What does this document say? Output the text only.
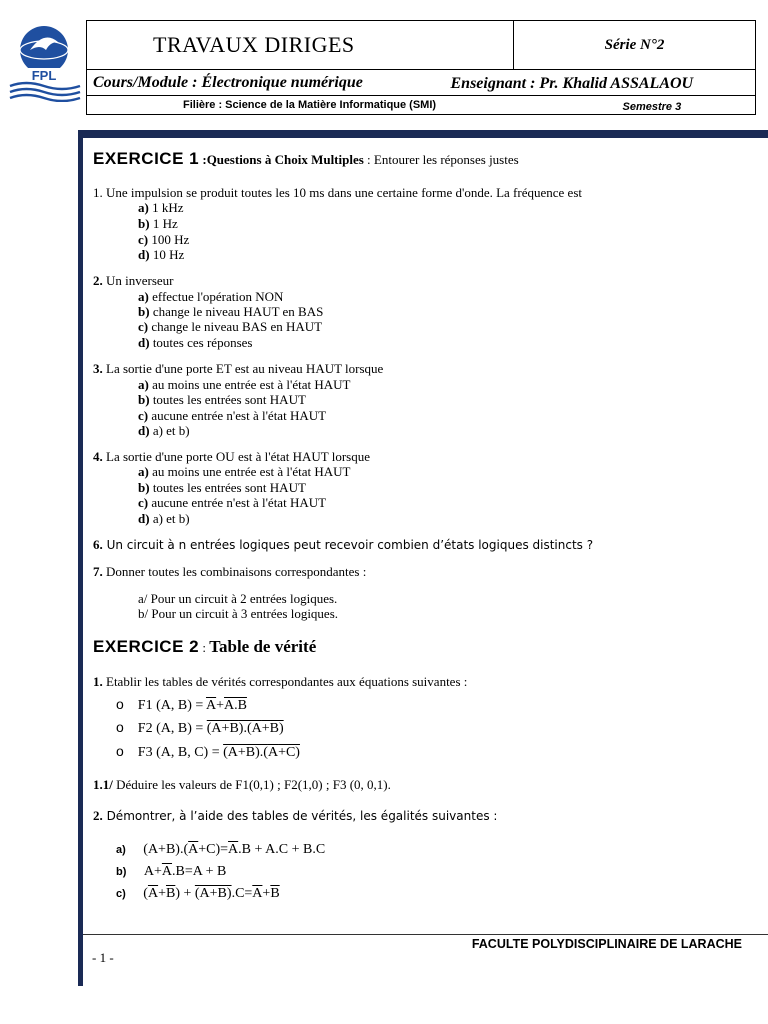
FPL
TRAVAUX DIRIGES	Série N°2
Cours/Module : Électronique numérique	Enseignant : Pr. Khalid ASSALAOU

Filière : Science de la Matière Informatique (SMI)	Semestre 3
EXERCICE 1 :Questions à Choix Multiples : Entourer les réponses justes
1. Une impulsion se produit toutes les 10 ms dans une certaine forme d'onde. La fréquence est
a) 1 kHz
b) 1 Hz
c) 100 Hz
d) 10 Hz
2. Un inverseur
a) effectue l'opération NON
b) change le niveau HAUT en BAS
c) change le niveau BAS en HAUT
d) toutes ces réponses
3. La sortie d'une porte ET est au niveau HAUT lorsque
a) au moins une entrée est à l'état HAUT
b) toutes les entrées sont HAUT
c) aucune entrée n'est à l'état HAUT
d) a) et b)
4. La sortie d'une porte OU est à l'état HAUT lorsque
a) au moins une entrée est à l'état HAUT
b) toutes les entrées sont HAUT
c) aucune entrée n'est à l'état HAUT
d) a) et b)
6. Un circuit à n entrées logiques peut recevoir combien d’états logiques distincts ?
7. Donner toutes les combinaisons correspondantes :
a/ Pour un circuit à 2 entrées logiques.
b/ Pour un circuit à 3 entrées logiques.
EXERCICE 2 : Table de vérité
1. Etablir les tables de vérités correspondantes aux équations suivantes :
o F1 (A, $B) = \overline{A}+A.B$
o F2 (A, B) = (A+B).(A+B)
o F3 (A, B, C) = (A+B).(A+C)
1.1/ Déduire les valeurs de F1(0,1) ; F2(1,0) ; F3 (0, 0,1).
2. Démontrer, à l’aide des tables de vérités, les égalités suivantes :
a)     $(A+B).(\overline{A}+C)=\overline{A}.B + A.C + B.C$
b)     $A+\overline{A}.B=A + B$
c)     $(\overline{A}+\overline{B}) + (A+B).C=\overline{A}+\overline{B}$
FACULTE POLYDISCIPLINAIRE DE LARACHE
- 1 -
